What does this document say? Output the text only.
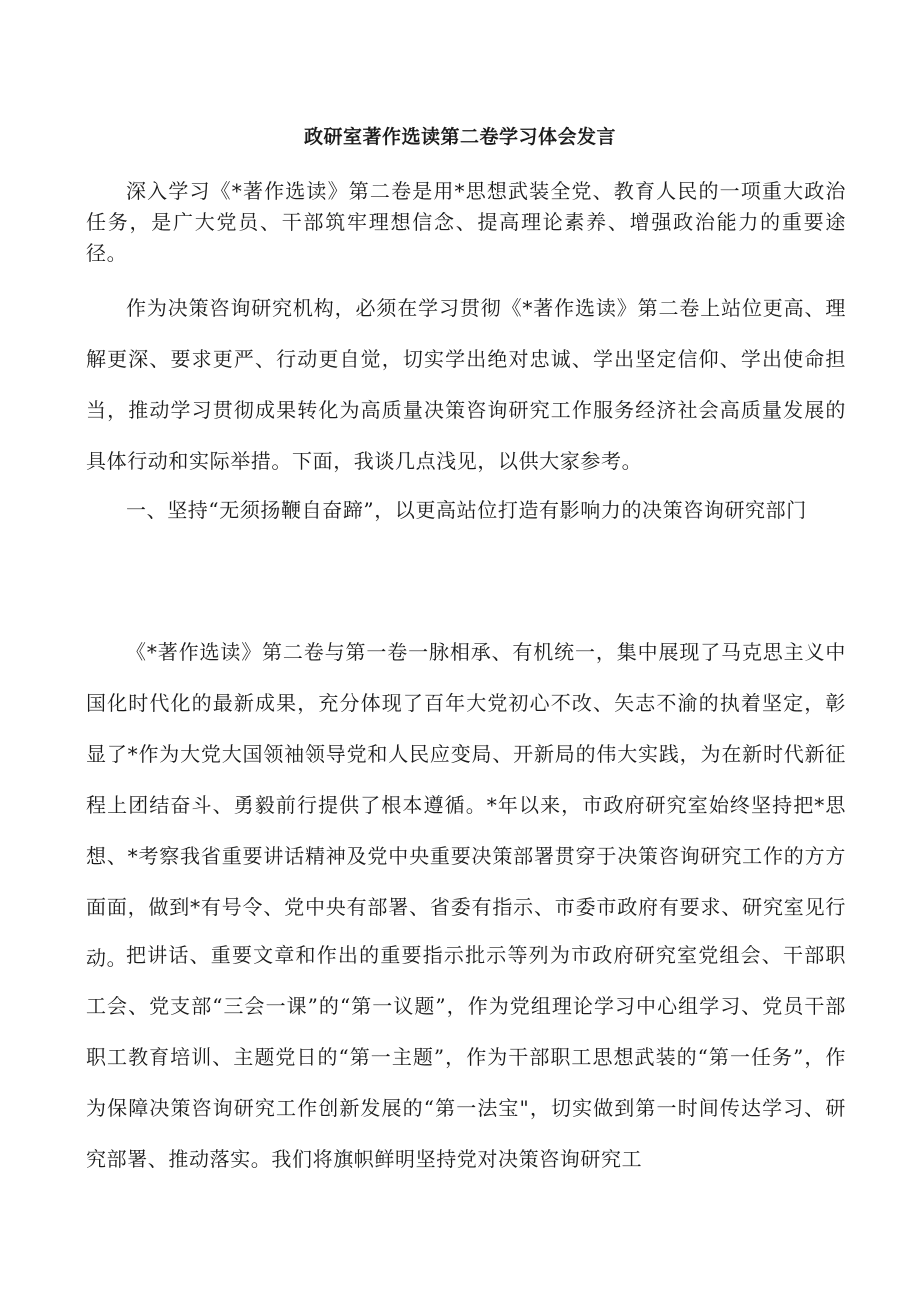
政研室著作选读第二卷学习体会发言

深入学习《*著作选读》第二卷是用*思想武装全党、教育人民的一项重大政治任务，是广大党员、干部筑牢理想信念、提高理论素养、增强政治能力的重要途径。

作为决策咨询研究机构，必须在学习贯彻《*著作选读》第二卷上站位更高、理解更深、要求更严、行动更自觉，切实学出绝对忠诚、学出坚定信仰、学出使命担当，推动学习贯彻成果转化为高质量决策咨询研究工作服务经济社会高质量发展的具体行动和实际举措。下面，我谈几点浅见，以供大家参考。

一、坚持“无须扬鞭自奋蹄”，以更高站位打造有影响力的决策咨询研究部门

《*著作选读》第二卷与第一卷一脉相承、有机统一，集中展现了马克思主义中国化时代化的最新成果，充分体现了百年大党初心不改、矢志不渝的执着坚定，彰显了*作为大党大国领袖领导党和人民应变局、开新局的伟大实践，为在新时代新征程上团结奋斗、勇毅前行提供了根本遵循。*年以来，市政府研究室始终坚持把*思想、*考察我省重要讲话精神及党中央重要决策部署贯穿于决策咨询研究工作的方方面面，做到*有号令、党中央有部署、省委有指示、市委市政府有要求、研究室见行动。

把讲话、重要文章和作出的重要指示批示等列为市政府研究室党组会、干部职工会、党支部“三会一课”的“第一议题”，作为党组理论学习中心组学习、党员干部职工教育培训、主题党日的“第一主题”，作为干部职工思想武装的“第一任务”，作为保障决策咨询研究工作创新发展的“第一法宝"，切实做到第一时间传达学习、研究部署、推动落实。我们将旗帜鲜明坚持党对决策咨询研究工
